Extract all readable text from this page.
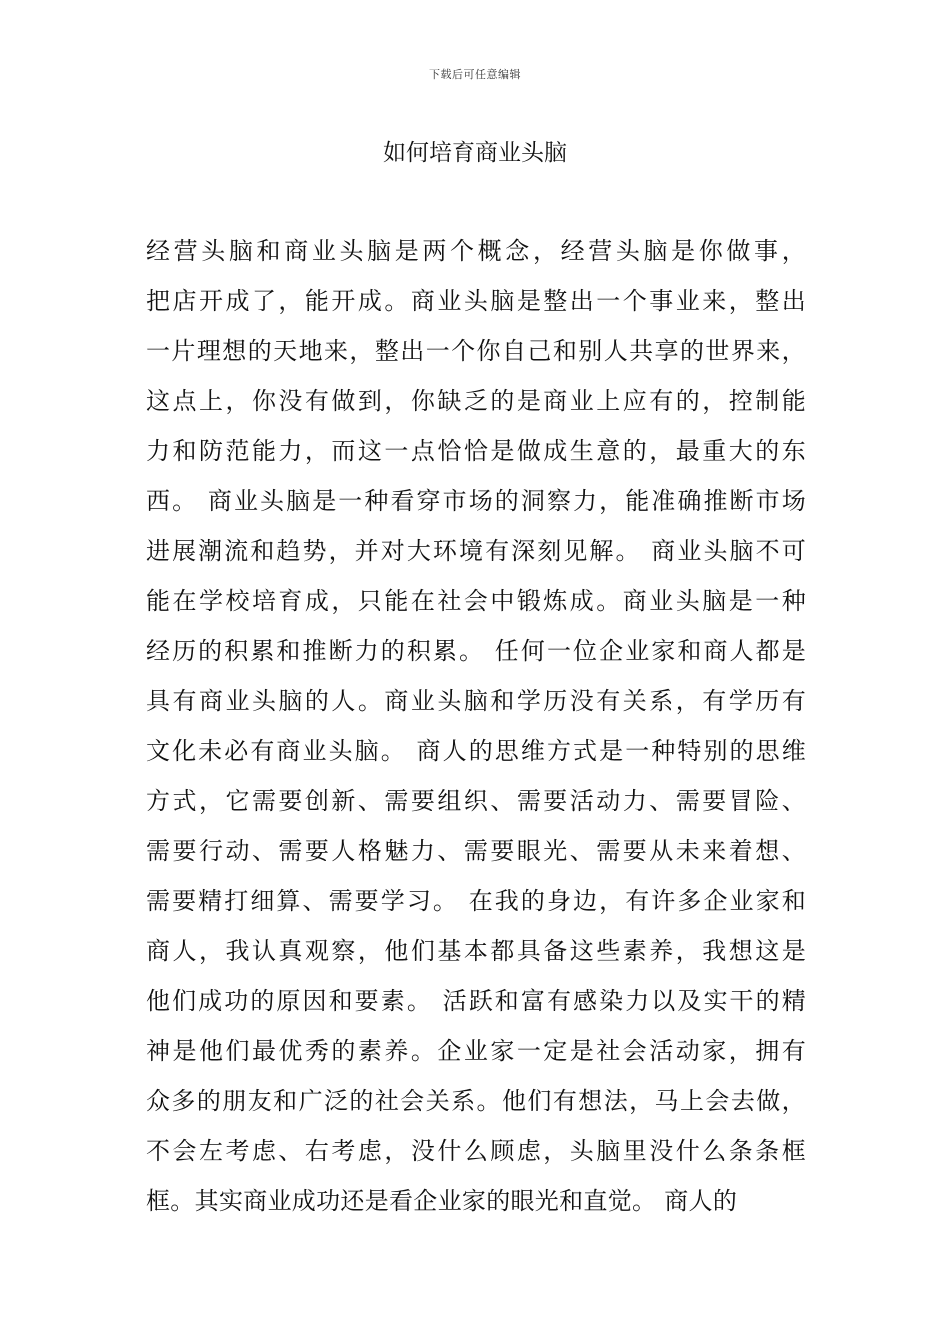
下载后可任意编辑
如何培育商业头脑
经营头脑和商业头脑是两个概念，经营头脑是你做事，
把店开成了，能开成。商业头脑是整出一个事业来，整出
一片理想的天地来，整出一个你自己和别人共享的世界来，
这点上，你没有做到，你缺乏的是商业上应有的，控制能
力和防范能力，而这一点恰恰是做成生意的，最重大的东
西。 商业头脑是一种看穿市场的洞察力，能准确推断市场
进展潮流和趋势，并对大环境有深刻见解。 商业头脑不可
能在学校培育成，只能在社会中锻炼成。商业头脑是一种
经历的积累和推断力的积累。 任何一位企业家和商人都是
具有商业头脑的人。商业头脑和学历没有关系，有学历有
文化未必有商业头脑。 商人的思维方式是一种特别的思维
方式，它需要创新、需要组织、需要活动力、需要冒险、
需要行动、需要人格魅力、需要眼光、需要从未来着想、
需要精打细算、需要学习。 在我的身边，有许多企业家和
商人，我认真观察，他们基本都具备这些素养，我想这是
他们成功的原因和要素。 活跃和富有感染力以及实干的精
神是他们最优秀的素养。企业家一定是社会活动家，拥有
众多的朋友和广泛的社会关系。他们有想法，马上会去做，
不会左考虑、右考虑，没什么顾虑，头脑里没什么条条框
框。其实商业成功还是看企业家的眼光和直觉。 商人的
